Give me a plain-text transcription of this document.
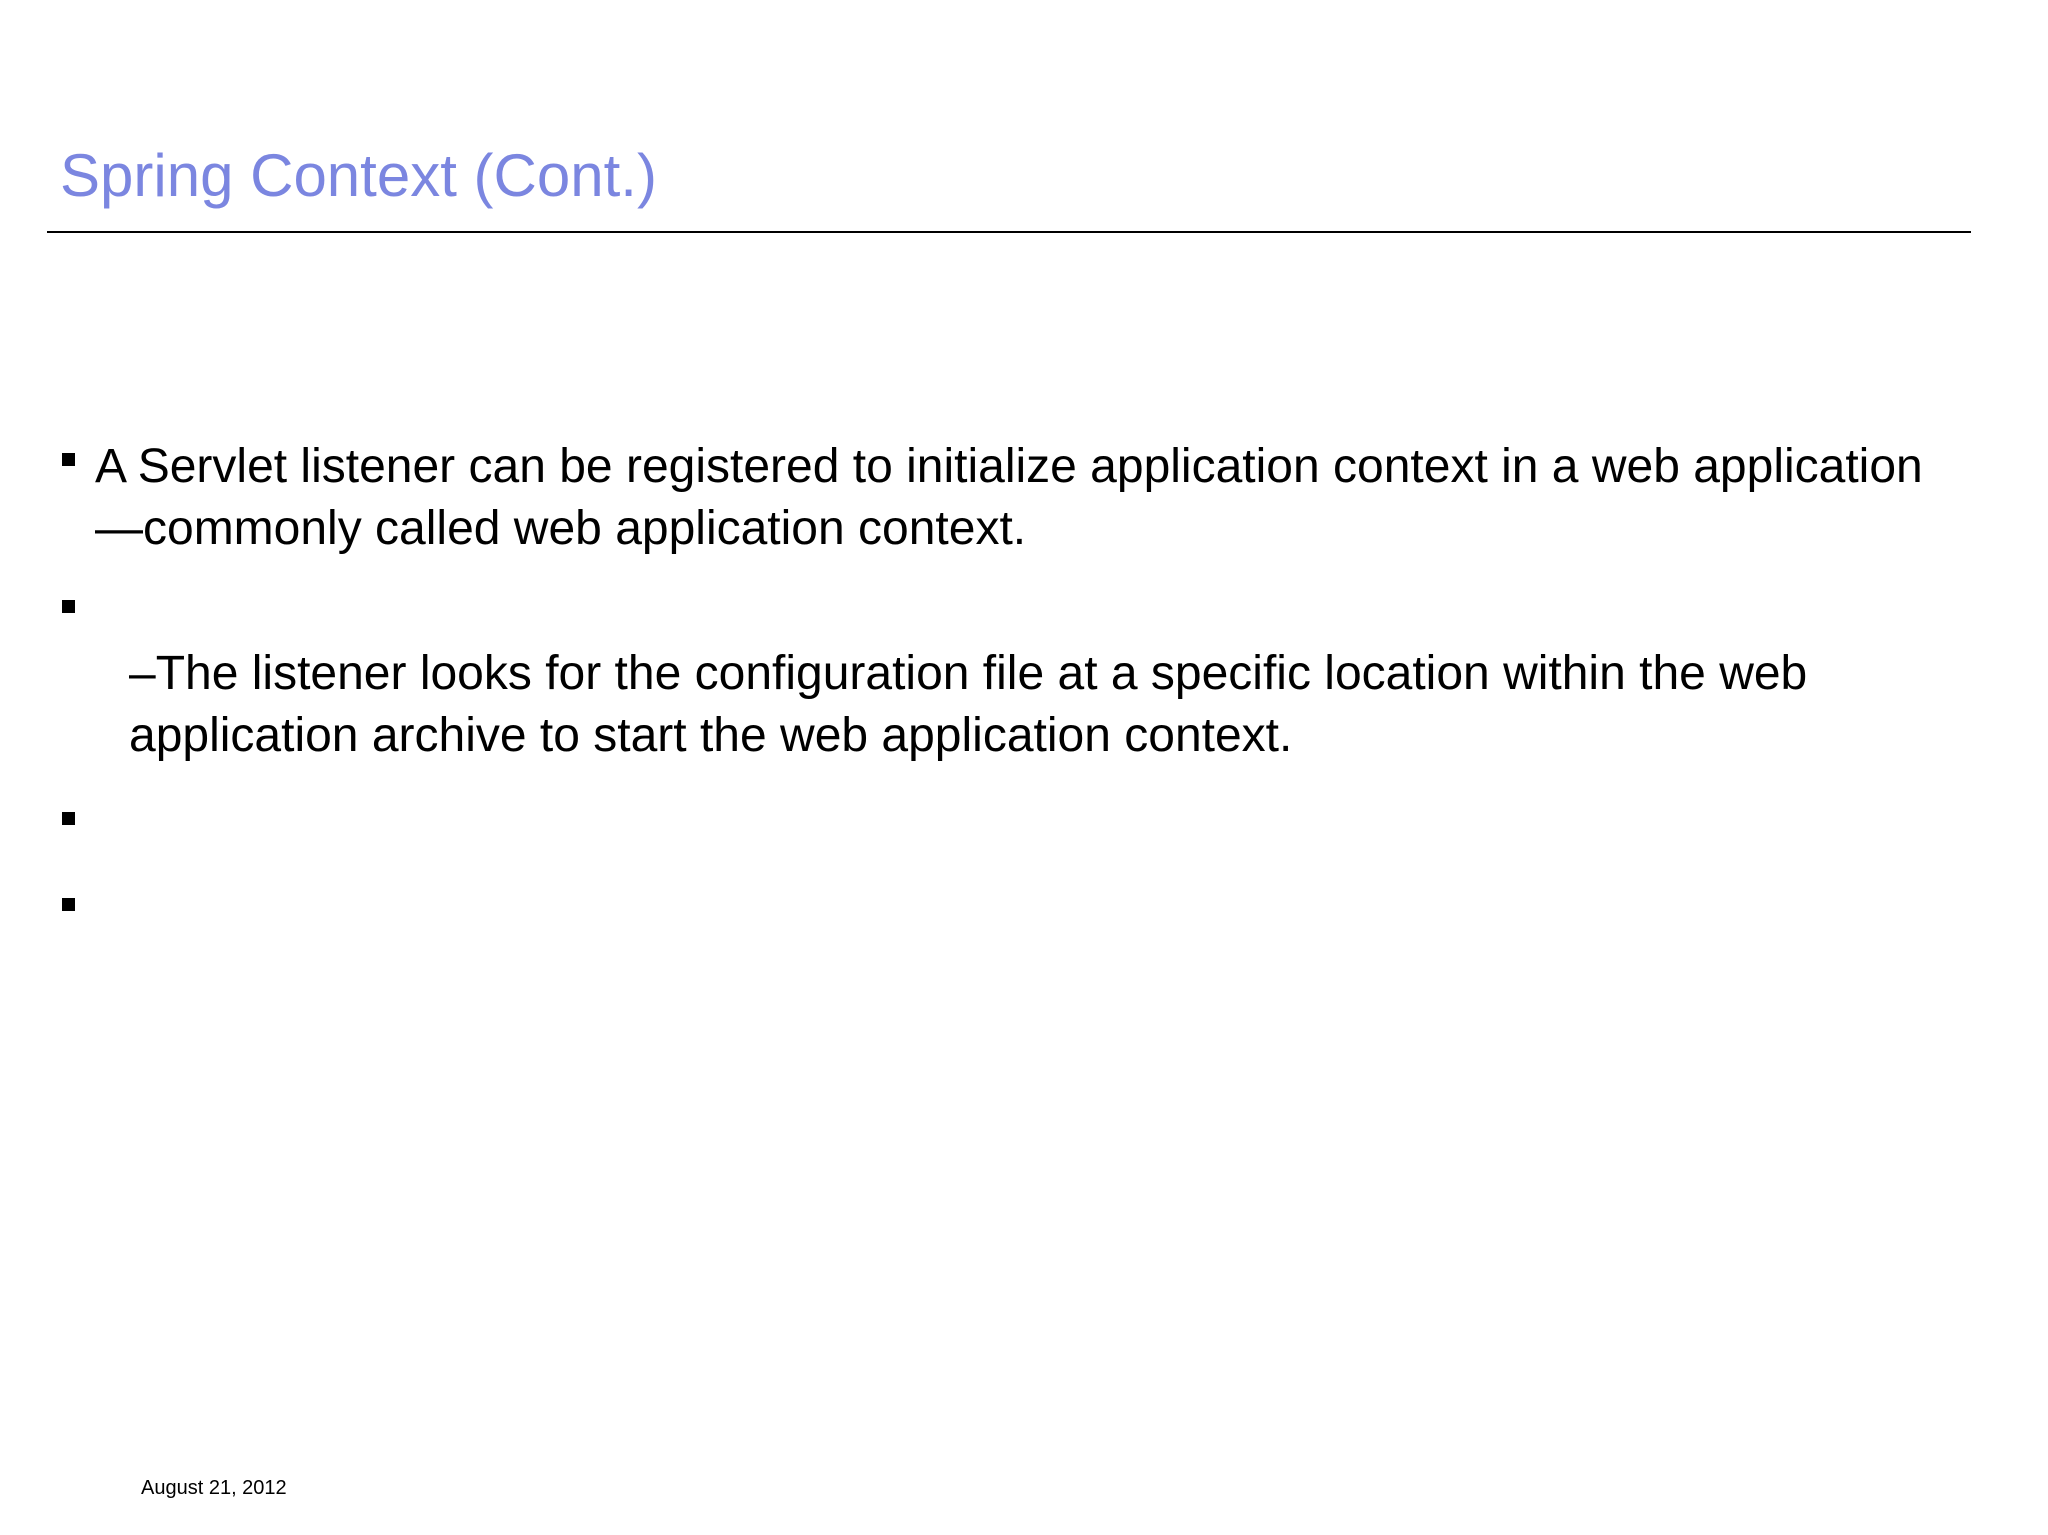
Spring Context (Cont.)

A Servlet listener can be registered to initialize application context in a web application—commonly called web application context.

–The listener looks for the configuration file at a specific location within the web application archive to start the web application context.

August 21, 2012
